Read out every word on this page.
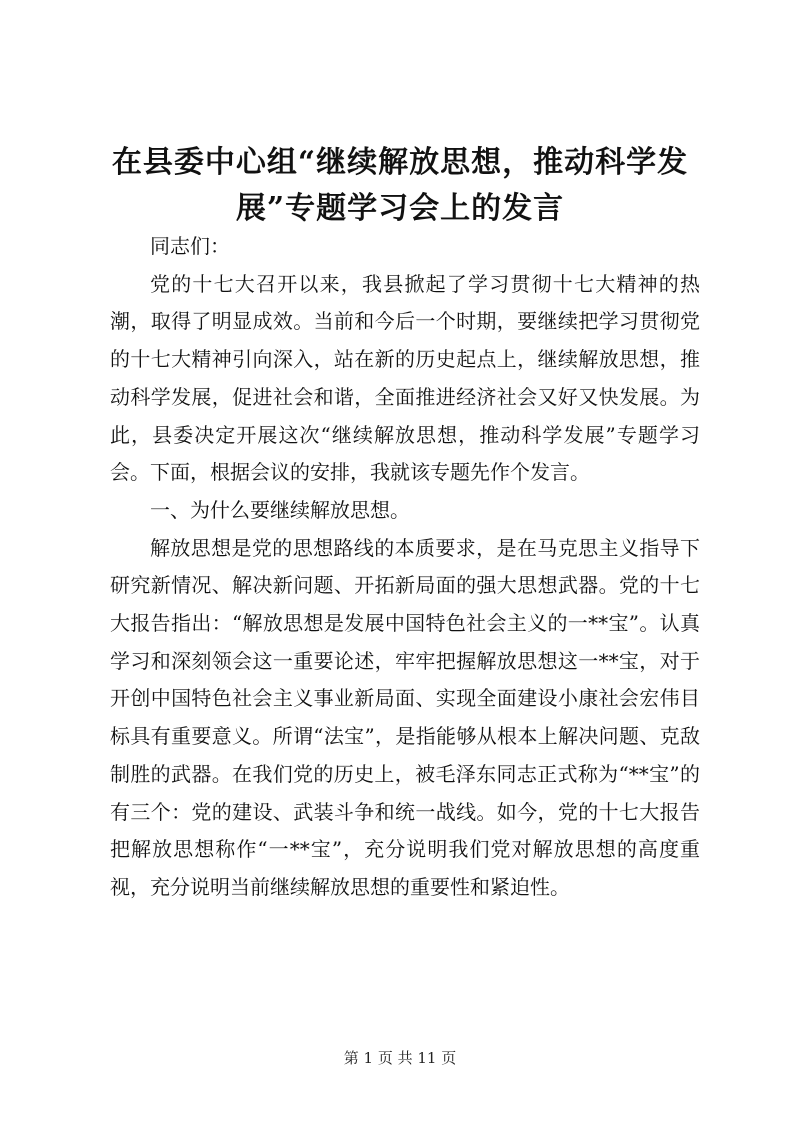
在县委中心组“继续解放思想，推动科学发展”专题学习会上的发言

同志们：

党的十七大召开以来，我县掀起了学习贯彻十七大精神的热潮，取得了明显成效。当前和今后一个时期，要继续把学习贯彻党的十七大精神引向深入，站在新的历史起点上，继续解放思想，推动科学发展，促进社会和谐，全面推进经济社会又好又快发展。为此，县委决定开展这次“继续解放思想，推动科学发展”专题学习会。下面，根据会议的安排，我就该专题先作个发言。

一、为什么要继续解放思想。

解放思想是党的思想路线的本质要求，是在马克思主义指导下研究新情况、解决新问题、开拓新局面的强大思想武器。党的十七大报告指出：“解放思想是发展中国特色社会主义的一**宝”。认真学习和深刻领会这一重要论述，牢牢把握解放思想这一**宝，对于开创中国特色社会主义事业新局面、实现全面建设小康社会宏伟目标具有重要意义。所谓“法宝”，是指能够从根本上解决问题、克敌制胜的武器。在我们党的历史上，被毛泽东同志正式称为“**宝”的有三个：党的建设、武装斗争和统一战线。如今，党的十七大报告把解放思想称作“一**宝”，充分说明我们党对解放思想的高度重视，充分说明当前继续解放思想的重要性和紧迫性。

第 1 页 共 11 页
